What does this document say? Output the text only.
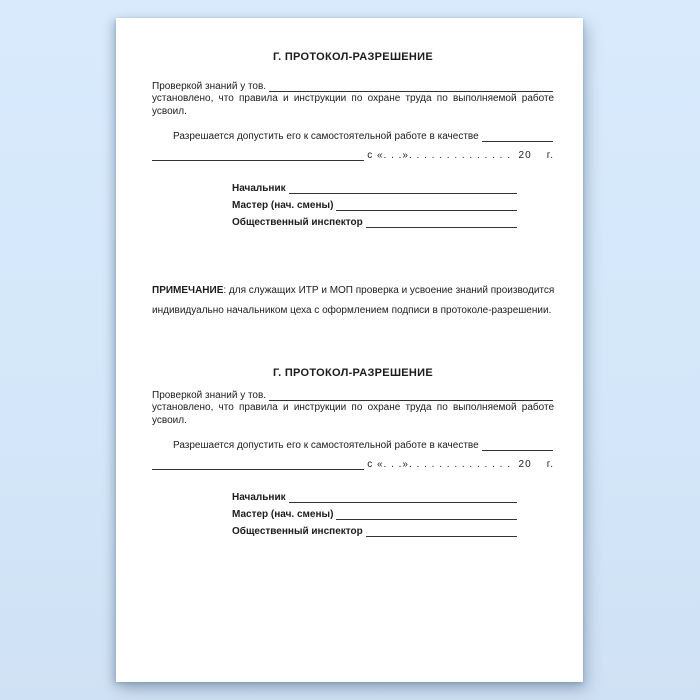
Г. ПРОТОКОЛ-РАЗРЕШЕНИЕ
Проверкой знаний у тов.
установлено, что правила и инструкции по охране труда по выполняемой работе
усвоил.
Разрешается допустить его к самостоятельной работе в качестве
с «. . .». . . . . . . . . . . . . .  20    г.
Начальник
Мастер (нач. смены)
Общественный инспектор
ПРИМЕЧАНИЕ: для служащих ИТР и МОП проверка и усвоение знаний производится
индивидуально начальником цеха с оформлением подписи в протоколе-разрешении.
Г. ПРОТОКОЛ-РАЗРЕШЕНИЕ
Проверкой знаний у тов.
установлено, что правила и инструкции по охране труда по выполняемой работе
усвоил.
Разрешается допустить его к самостоятельной работе в качестве
с «. . .». . . . . . . . . . . . . .  20    г.
Начальник
Мастер (нач. смены)
Общественный инспектор
